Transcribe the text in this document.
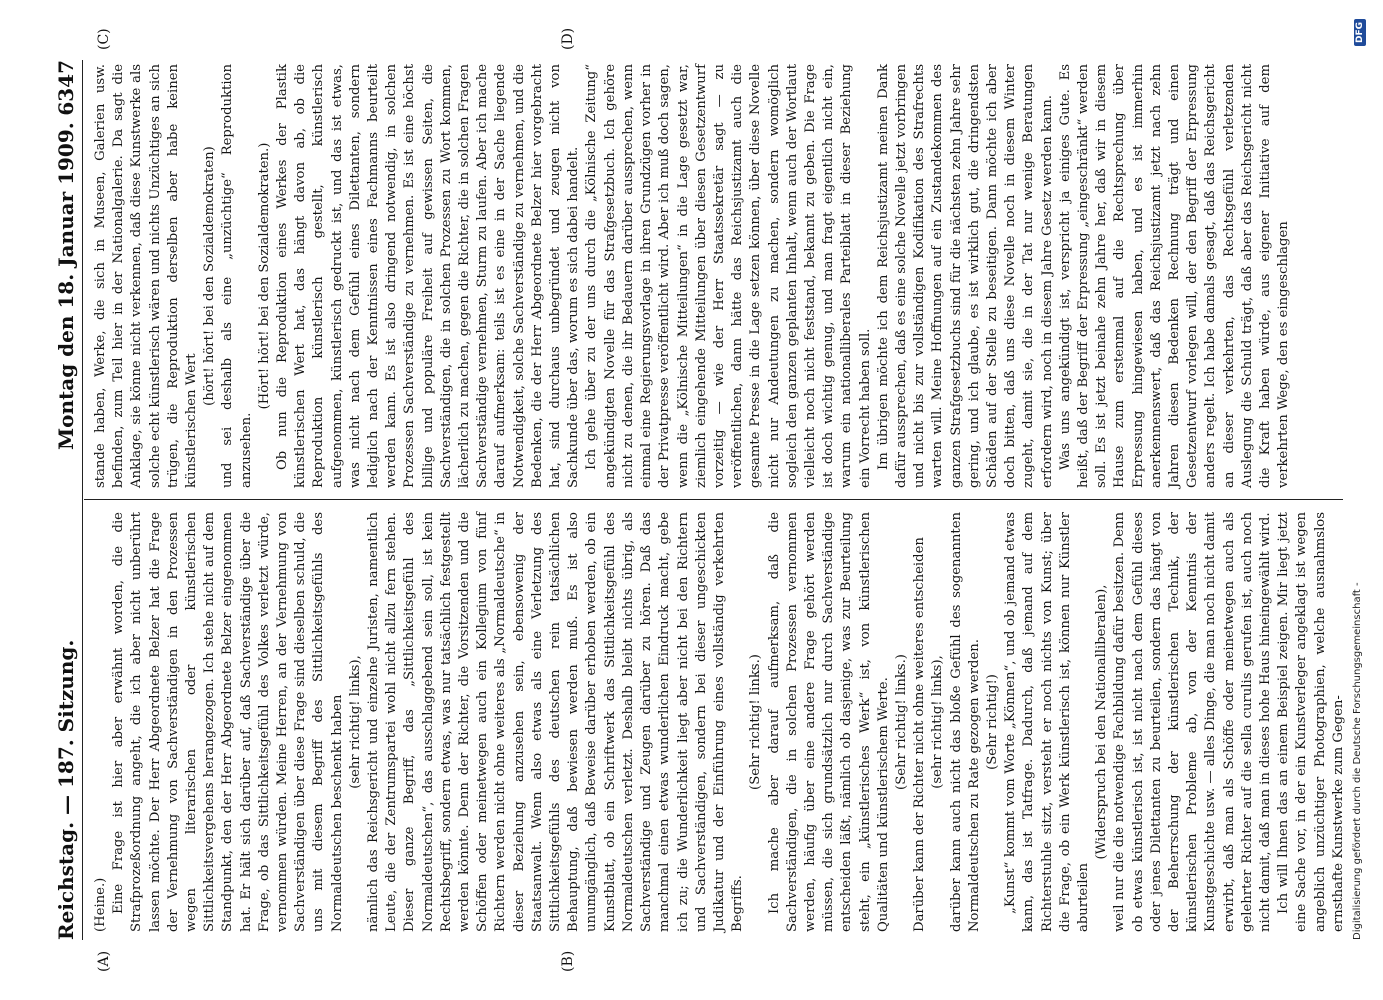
Reichstag. — 187. Sitzung.
Montag den 18. Januar 1909.
6347
(A)	(B)
(C)	(D)

(Heine.) Eine Frage ist hier aber erwähnt worden, die die Strafprozeßordnung angeht, die ich aber nicht unberührt lassen möchte. Der Herr Abgeordnete Belzer hat die Frage der Vernehmung von Sachverständigen in den Prozessen wegen literarischen oder künstlerischen Sittlichkeitsvergehens herangezogen. Ich stehe nicht auf dem Standpunkt, den der Herr Abgeordnete Belzer eingenommen hat. Er hält sich darüber auf, daß Sachverständige über die Frage, ob das Sittlichkeitsgefühl des Volkes verletzt würde, vernommen würden. Meine Herren, an der Vernehmung von Sachverständigen über diese Frage sind dieselben schuld, die uns mit diesem Begriff des Sittlichkeitsgefühls des Normaldeutschen beschenkt haben (sehr richtig! links), nämlich das Reichsgericht und einzelne Juristen, namentlich Leute, die der Zentrumspartei wohl nicht allzu fern stehen. Dieser ganze Begriff, das „Sittlichkeitsgefühl des Normaldeutschen“, das ausschlaggebend sein soll, ist kein Rechtsbegriff, sondern etwas, was nur tatsächlich festgestellt werden könnte. Denn der Richter, die Vorsitzenden und die Schöffen oder meinetwegen auch ein Kollegium von fünf Richtern werden nicht ohne weiteres als „Normaldeutsche“ in dieser Beziehung anzusehen sein, ebensowenig der Staatsanwalt. Wenn also etwas als eine Verletzung des Sittlichkeitsgefühls des deutschen rein tatsächlichen Behauptung, daß bewiesen werden muß. Es ist also unumgänglich, daß Beweise darüber erhoben werden, ob ein Kunstblatt, ob ein Schriftwerk das Sittlichkeitsgefühl des Normaldeutschen verletzt. Deshalb bleibt nichts übrig, als Sachverständige und Zeugen darüber zu hören. Daß das manchmal einen etwas wunderlichen Eindruck macht, gebe ich zu; die Wunderlichkeit liegt aber nicht bei den Richtern und Sachverständigen, sondern bei dieser ungeschickten Judikatur und der Einführung eines vollständig verkehrten Begriffs.

(Sehr richtig! links.) Ich mache aber darauf aufmerksam, daß die Sachverständigen, die in solchen Prozessen vernommen werden, häufig über eine andere Frage gehört werden müssen, die sich grundsätzlich nur durch Sachverständige entscheiden läßt, nämlich ob dasjenige, was zur Beurteilung steht, ein „künstlerisches Werk“ ist, von künstlerischen Qualitäten und künstlerischem Werte. (Sehr richtig! links.) Darüber kann der Richter nicht ohne weiteres entscheiden (sehr richtig! links), darüber kann auch nicht das bloße Gefühl des sogenannten Normaldeutschen zu Rate gezogen werden. (Sehr richtig!) „Kunst“ kommt vom Worte „Können“, und ob jemand etwas kann, das ist Tatfrage. Dadurch, daß jemand auf dem Richterstuhle sitzt, versteht er noch nichts von Kunst; über die Frage, ob ein Werk künstlerisch ist, können nur Künstler aburteilen

(Widerspruch bei den Nationalliberalen), weil nur die die notwendige Fachbildung dafür besitzen. Denn ob etwas künstlerisch ist, ist nicht nach dem Gefühl dieses oder jenes Dilettanten zu beurteilen, sondern das hängt von der Beherrschung der künstlerischen Technik, der künstlerischen Probleme ab, von der Kenntnis der Kunstgeschichte usw. — alles Dinge, die man noch nicht damit erwirbt, daß man als Schöffe oder meinetwegen auch als gelehrter Richter auf die sella curulis gerufen ist, auch noch nicht damit, daß man in dieses hohe Haus hineingewählt wird. Ich will Ihnen das an einem Beispiel zeigen. Mir liegt jetzt eine Sache vor, in der ein Kunstverleger angeklagt ist wegen angeblich unzüchtiger Photographien, welche ausnahmslos ernsthafte Kunstwerke zum Gegen-

stande haben, Werke, die sich in Museen, Galerien usw. befinden, zum Teil hier in der Nationalgalerie. Da sagt die Anklage, sie könne nicht verkennen, daß diese Kunstwerke als solche echt künstlerisch wären und nichts Unzüchtiges an sich trügen, die Reproduktion derselben aber habe keinen künstlerischen Wert

(hört! hört! bei den Sozialdemokraten) und sei deshalb als eine „unzüchtige“ Reproduktion anzusehen.

(Hört! hört! bei den Sozialdemokraten.) Ob nun die Reproduktion eines Werkes der Plastik künstlerischen Wert hat, das hängt davon ab, ob die Reproduktion künstlerisch gestellt, künstlerisch aufgenommen, künstlerisch gedruckt ist, und das ist etwas, was nicht nach dem Gefühl eines Dilettanten, sondern lediglich nach der Kenntnissen eines Fachmanns beurteilt werden kann. Es ist also dringend notwendig, in solchen Prozessen Sachverständige zu vernehmen. Es ist eine höchst billige und populäre Freiheit auf gewissen Seiten, die Sachverständigen, die in solchen Prozessen zu Wort kommen, lächerlich zu machen, gegen die Richter, die in solchen Fragen Sachverständige vernehmen, Sturm zu laufen. Aber ich mache darauf aufmerksam: teils ist es eine in der Sache liegende Notwendigkeit, solche Sachverständige zu vernehmen, und die Bedenken, die der Herr Abgeordnete Belzer hier vorgebracht hat, sind durchaus unbegründet und zeugen nicht von Sachkunde über das, worum es sich dabei handelt. Ich gehe über zu der uns durch die „Kölnische Zeitung“ angekündigten Novelle für das Strafgesetzbuch. Ich gehöre nicht zu denen, die ihr Bedauern darüber aussprechen, wenn einmal eine Regierungsvorlage in ihren Grundzügen vorher in der Privatpresse veröffentlicht wird. Aber ich muß doch sagen, wenn die „Kölnische Mitteilungen“ in die Lage gesetzt war, ziemlich eingehende Mitteilungen über diesen Gesetzentwurf vorzeitig — wie der Herr Staatssekretär sagt — zu veröffentlichen, dann hätte das Reichsjustizamt auch die gesamte Presse in die Lage setzen können, über diese Novelle nicht nur Andeutungen zu machen, sondern womöglich sogleich den ganzen geplanten Inhalt, wenn auch der Wortlaut vielleicht noch nicht feststand, bekannt zu geben. Die Frage ist doch wichtig genug, und man fragt eigentlich nicht ein, warum ein nationalliberales Parteiblatt in dieser Beziehung ein Vorrecht haben soll. Im übrigen möchte ich dem Reichsjustizamt meinen Dank dafür aussprechen, daß es eine solche Novelle jetzt vorbringen und nicht bis zur vollständigen Kodifikation des Strafrechts warten will. Meine Hoffnungen auf ein Zustandekommen des ganzen Strafgesetzbuchs sind für die nächsten zehn Jahre sehr gering, und ich glaube, es ist wirklich gut, die dringendsten Schäden auf der Stelle zu beseitigen. Dann möchte ich aber doch bitten, daß uns diese Novelle noch in diesem Winter zugeht, damit sie, die in der Tat nur wenige Beratungen erfordern wird, noch in diesem Jahre Gesetz werden kann. Was uns angekündigt ist, verspricht ja einiges Gute. Es heißt, daß der Begriff der Erpressung „eingeschränkt“ werden soll. Es ist jetzt beinahe zehn Jahre her, daß wir in diesem Hause zum erstenmal auf die Rechtsprechung über Erpressung hingewiesen haben, und es ist immerhin anerkennenswert, daß das Reichsjustizamt jetzt nach zehn Jahren diesen Bedenken Rechnung trägt und einen Gesetzentwurf vorlegen will, der den Begriff der Erpressung anders regelt. Ich habe damals gesagt, daß das Reichsgericht an dieser verkehrten, das Rechtsgefühl verletzenden Auslegung die Schuld trägt, daß aber das Reichsgericht nicht die Kraft haben würde, aus eigener Initiative auf dem verkehrten Wege, den es eingeschlagen

Digitalisierung gefördert durch die Deutsche Forschungsgemeinschaft -
DFG
